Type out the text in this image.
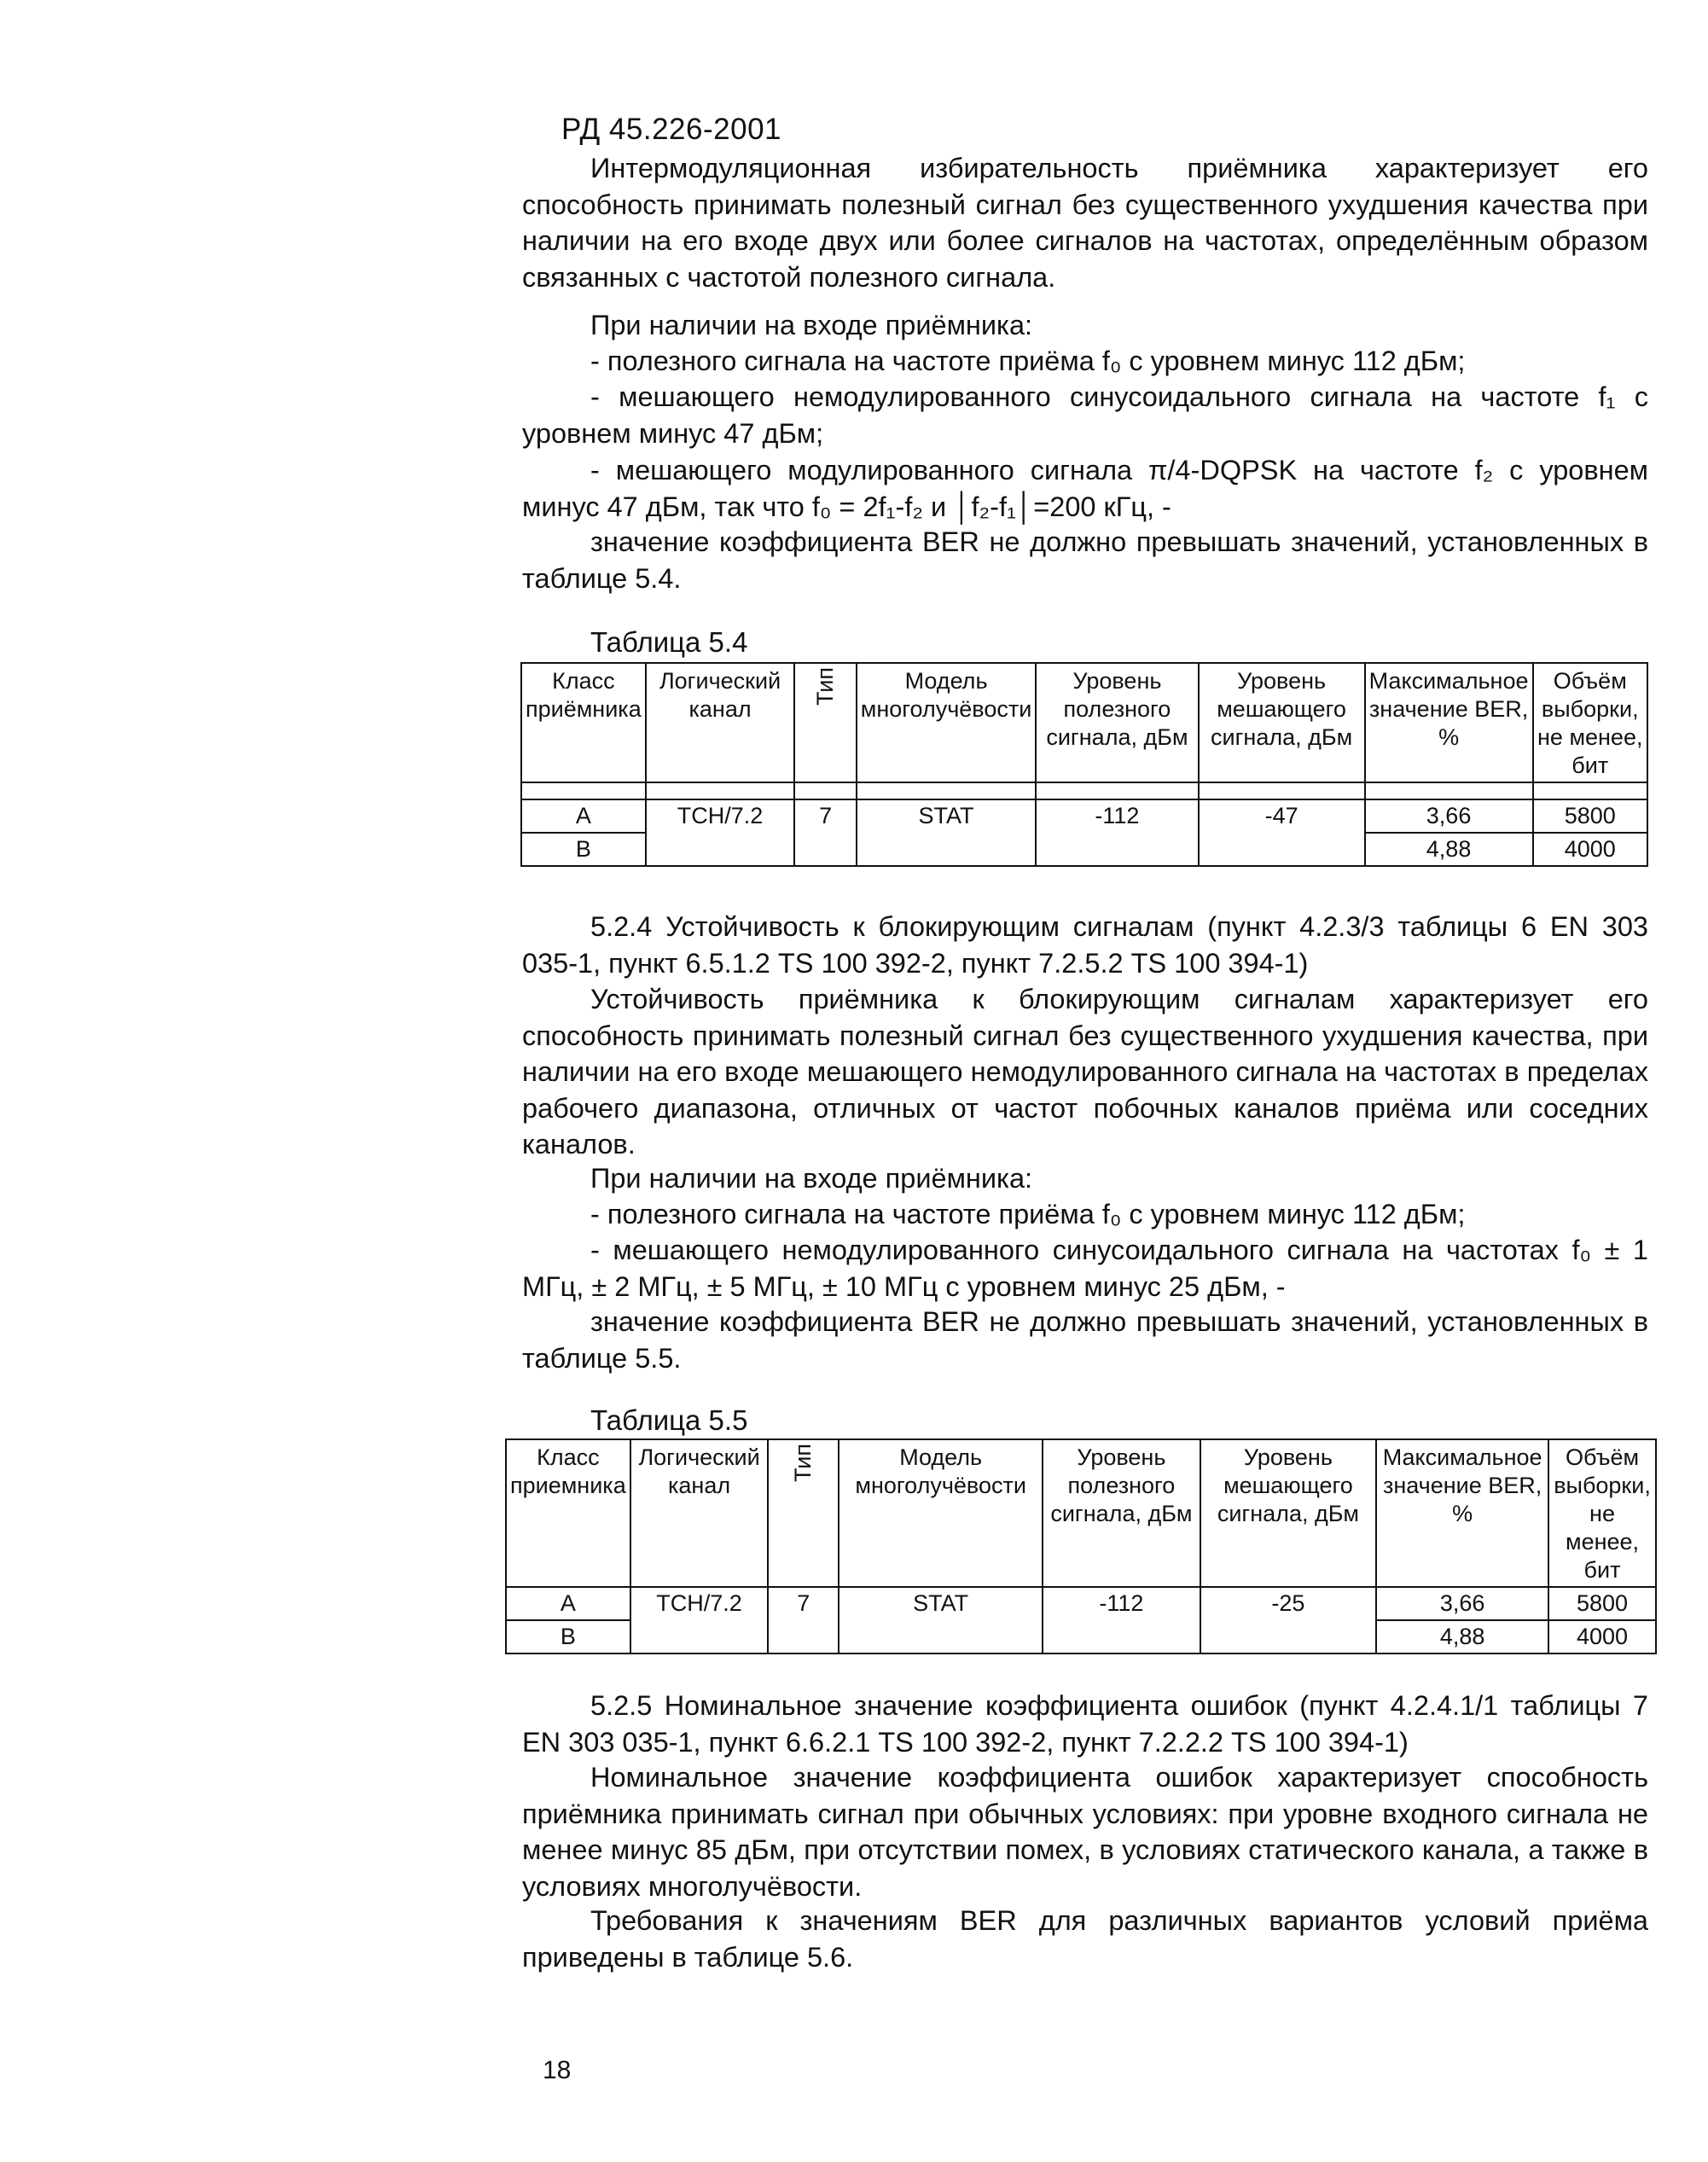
РД 45.226-2001

Интермодуляционная избирательность приёмника характеризует его способность принимать полезный сигнал без существенного ухудшения качества при наличии на его входе двух или более сигналов на частотах, определённым образом связанных с частотой полезного сигнала.

При наличии на входе приёмника:

- полезного сигнала на частоте приёма f₀ с уровнем минус 112 дБм;

- мешающего немодулированного синусоидального сигнала на частоте f₁ с уровнем минус 47 дБм;

- мешающего модулированного сигнала π/4-DQPSK на частоте f₂ с уровнем минус 47 дБм, так что f₀ = 2f₁-f₂ и │f₂-f₁│=200 кГц, -

значение коэффициента BER не должно превышать значений, установленных в таблице 5.4.

Таблица 5.4
Класс приёмника	Логический канал	Тип	Модель многолучёвости	Уровень полезного сигнала, дБм	Уровень мешающего сигнала, дБм	Максимальное значение BER, %	Объём выборки, не менее, бит

A	TCH/7.2	7	STAT	-112	-47	3,66	5800
B						4,88	4000

5.2.4 Устойчивость к блокирующим сигналам (пункт 4.2.3/3 таблицы 6 EN 303 035-1, пункт 6.5.1.2 TS 100 392-2, пункт 7.2.5.2 TS 100 394-1)

Устойчивость приёмника к блокирующим сигналам характеризует его способность принимать полезный сигнал без существенного ухудшения качества, при наличии на его входе мешающего немодулированного сигнала на частотах в пределах рабочего диапазона, отличных от частот побочных каналов приёма или соседних каналов.

При наличии на входе приёмника:

- полезного сигнала на частоте приёма f₀ с уровнем минус 112 дБм;

- мешающего немодулированного синусоидального сигнала на частотах f₀ ± 1 МГц, ± 2 МГц, ± 5 МГц, ± 10 МГц с уровнем минус 25 дБм, -

значение коэффициента BER не должно превышать значений, установленных в таблице 5.5.

Таблица 5.5
Класс приемника	Логический канал	Тип	Модель многолучёвости	Уровень полезного сигнала, дБм	Уровень мешающего сигнала, дБм	Максимальное значение BER, %	Объём выборки, не менее, бит
A	TCH/7.2	7	STAT	-112	-25	3,66	5800
B						4,88	4000

5.2.5 Номинальное значение коэффициента ошибок (пункт 4.2.4.1/1 таблицы 7 EN 303 035-1, пункт 6.6.2.1 TS 100 392-2, пункт 7.2.2.2 TS 100 394-1)

Номинальное значение коэффициента ошибок характеризует способность приёмника принимать сигнал при обычных условиях: при уровне входного сигнала не менее минус 85 дБм, при отсутствии помех, в условиях статического канала, а также в условиях многолучёвости.

Требования к значениям BER для различных вариантов условий приёма приведены в таблице 5.6.

18
